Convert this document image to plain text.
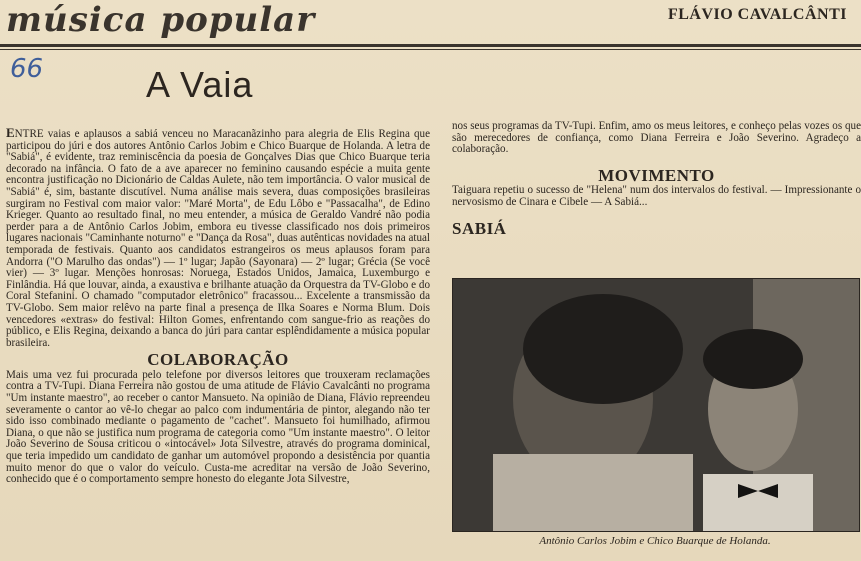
música popular	FLÁVIO CAVALCÂNTI
66	A Vaia

ENTRE vaias e aplausos a sabiá venceu no Maracanãzinho para alegria de Elis Regina que participou do júri e dos autores Antônio Carlos Jobim e Chico Buarque de Holanda. A letra de "Sabiá", é evidente, traz reminiscência da poesia de Gonçalves Dias que Chico Buarque teria decorado na infância. O fato de a ave aparecer no feminino causando espécie a muita gente encontra justificação no Dicionário de Caldas Aulete, não tem importância. O valor musical de "Sabiá" é, sim, bastante discutível. Numa análise mais severa, duas composições brasileiras surgiram no Festival com maior valor: "Maré Morta", de Edu Lôbo e "Passacalha", de Edino Krieger. Quanto ao resultado final, no meu entender, a música de Geraldo Vandré não podia perder para a de Antônio Carlos Jobim, embora eu tivesse classificado nos dois primeiros lugares nacionais "Caminhante noturno" e "Dança da Rosa", duas autênticas novidades na atual temporada de festivais. Quanto aos candidatos estrangeiros os meus aplausos foram para Andorra ("O Marulho das ondas") — 1º lugar; Japão (Sayonara) — 2º lugar; Grécia (Se você vier) — 3º lugar. Menções honrosas: Noruega, Estados Unidos, Jamaica, Luxemburgo e Finlândia. Há que louvar, ainda, a exaustiva e brilhante atuação da Orquestra da TV-Globo e do Coral Stefanini. O chamado "computador eletrônico" fracassou... Excelente a transmissão da TV-Globo. Sem maior relêvo na parte final a presença de Ilka Soares e Norma Blum. Dois vencedores «extras» do festival: Hilton Gomes, enfrentando com sangue-frio as reações do público, e Elis Regina, deixando a banca do júri para cantar esplêndidamente a música popular brasileira.

COLABORAÇÃO

Mais uma vez fui procurada pelo telefone por diversos leitores que trouxeram reclamações contra a TV-Tupi. Diana Ferreira não gostou de uma atitude de Flávio Cavalcânti no programa "Um instante maestro", ao receber o cantor Mansueto. Na opinião de Diana, Flávio repreendeu severamente o cantor ao vê-lo chegar ao palco com indumentária de pintor, alegando não ter sido isso combinado mediante o pagamento de "cachet". Mansueto foi humilhado, afirmou Diana, o que não se justifica num programa de categoria como "Um instante maestro". O leitor João Severino de Sousa criticou o «intocável» Jota Silvestre, através do programa dominical, que teria impedido um candidato de ganhar um automóvel propondo a desistência por quantia muito menor do que o valor do veículo. Custa-me acreditar na versão de João Severino, conhecido que é o comportamento sempre honesto do elegante Jota Silvestre,

nos seus programas da TV-Tupi. Enfim, amo os meus leitores, e conheço pelas vozes os que são merecedores de confiança, como Diana Ferreira e João Severino. Agradeço a colaboração.

MOVIMENTO

Taiguara repetiu o sucesso de "Helena" num dos intervalos do festival. — Impressionante o nervosismo de Cinara e Cibele — A Sabiá...

SABIÁ
Antônio Carlos Jobim e Chico Buarque de Holanda.
